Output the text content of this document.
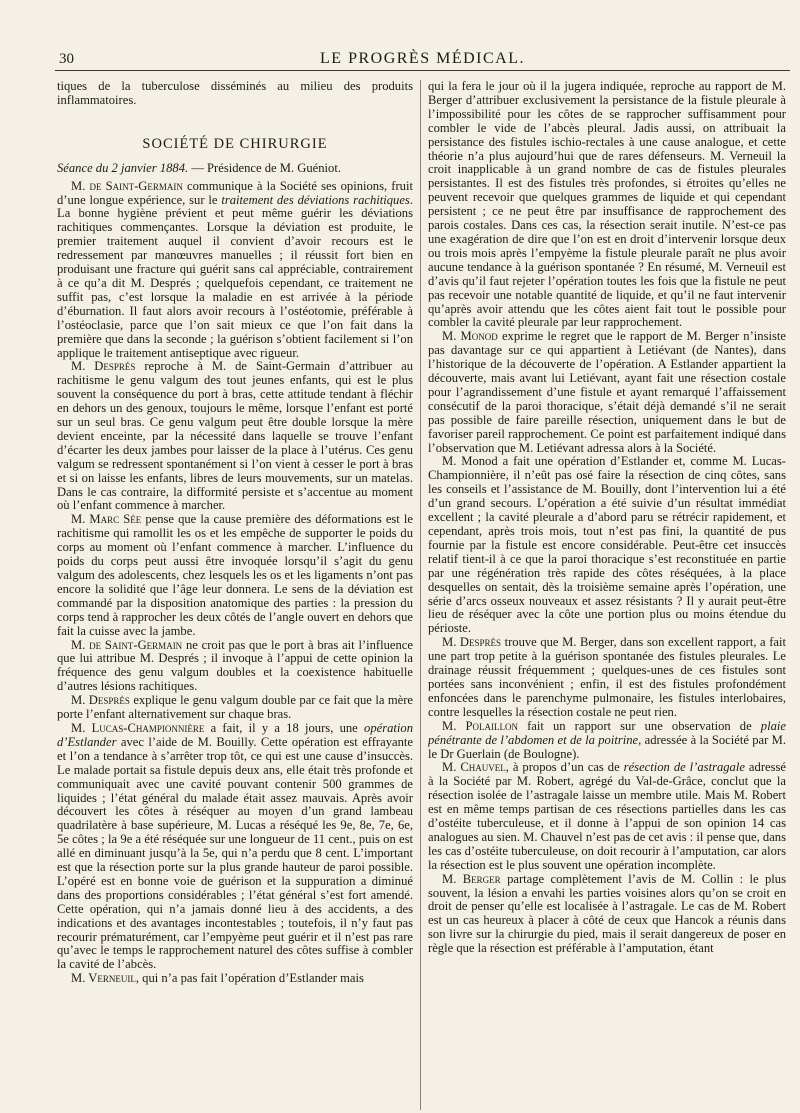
30	LE PROGRÈS MÉDICAL.

tiques de la tuberculose disséminés au milieu des produits inflammatoires.

SOCIÉTÉ DE CHIRURGIE

Séance du 2 janvier 1884. — Présidence de M. Guéniot.

M. de Saint-Germain communique à la Société ses opinions, fruit d’une longue expérience, sur le traitement des déviations rachitiques. La bonne hygiène prévient et peut même guérir les déviations rachitiques commençantes. Lorsque la déviation est produite, le premier traitement auquel il convient d’avoir recours est le redressement par manœuvres manuelles ; il réussit fort bien en produisant une fracture qui guérit sans cal appréciable, contrairement à ce qu’a dit M. Després ; quelquefois cependant, ce traitement ne suffit pas, c’est lorsque la maladie en est arrivée à la période d’éburnation. Il faut alors avoir recours à l’ostéotomie, préférable à l’ostéoclasie, parce que l’on sait mieux ce que l’on fait dans la première que dans la seconde ; la guérison s’obtient facilement si l’on applique le traitement antiseptique avec rigueur.

M. Després reproche à M. de Saint-Germain d’attribuer au rachitisme le genu valgum des tout jeunes enfants, qui est le plus souvent la conséquence du port à bras, cette attitude tendant à fléchir en dehors un des genoux, toujours le même, lorsque l’enfant est porté sur un seul bras. Ce genu valgum peut être double lorsque la mère devient enceinte, par la nécessité dans laquelle se trouve l’enfant d’écarter les deux jambes pour laisser de la place à l’utérus. Ces genu valgum se redressent spontanément si l’on vient à cesser le port à bras et si on laisse les enfants, libres de leurs mouvements, sur un matelas. Dans le cas contraire, la difformité persiste et s’accentue au moment où l’enfant commence à marcher.

M. Marc Sée pense que la cause première des déformations est le rachitisme qui ramollit les os et les empêche de supporter le poids du corps au moment où l’enfant commence à marcher. L’influence du poids du corps peut aussi être invoquée lorsqu’il s’agit du genu valgum des adolescents, chez lesquels les os et les ligaments n’ont pas encore la solidité que l’âge leur donnera. Le sens de la déviation est commandé par la disposition anatomique des parties : la pression du corps tend à rapprocher les deux côtés de l’angle ouvert en dehors que fait la cuisse avec la jambe.

M. de Saint-Germain ne croit pas que le port à bras ait l’influence que lui attribue M. Després ; il invoque à l’appui de cette opinion la fréquence des genu valgum doubles et la coexistence habituelle d’autres lésions rachitiques.

M. Després explique le genu valgum double par ce fait que la mère porte l’enfant alternativement sur chaque bras.

M. Lucas-Championnière a fait, il y a 18 jours, une opération d’Estlander avec l’aide de M. Bouilly. Cette opération est effrayante et l’on a tendance à s’arrêter trop tôt, ce qui est une cause d’insuccès. Le malade portait sa fistule depuis deux ans, elle était très profonde et communiquait avec une cavité pouvant contenir 500 grammes de liquides ; l’état général du malade était assez mauvais. Après avoir découvert les côtes à réséquer au moyen d’un grand lambeau quadrilatère à base supérieure, M. Lucas a réséqué les 9e, 8e, 7e, 6e, 5e côtes ; la 9e a été réséquée sur une longueur de 11 cent., puis on est allé en diminuant jusqu’à la 5e, qui n’a perdu que 8 cent. L’important est que la résection porte sur la plus grande hauteur de paroi possible. L’opéré est en bonne voie de guérison et la suppuration a diminué dans des proportions considérables ; l’état général s’est fort amendé. Cette opération, qui n’a jamais donné lieu à des accidents, a des indications et des avantages incontestables ; toutefois, il n’y faut pas recourir prématurément, car l’empyème peut guérir et il n’est pas rare qu’avec le temps le rapprochement naturel des côtes suffise à combler la cavité de l’abcès.

M. Verneuil, qui n’a pas fait l’opération d’Estlander mais

qui la fera le jour où il la jugera indiquée, reproche au rapport de M. Berger d’attribuer exclusivement la persistance de la fistule pleurale à l’impossibilité pour les côtes de se rapprocher suffisamment pour combler le vide de l’abcès pleural. Jadis aussi, on attribuait la persistance des fistules ischio-rectales à une cause analogue, et cette théorie n’a plus aujourd’hui que de rares défenseurs. M. Verneuil la croit inapplicable à un grand nombre de cas de fistules pleurales persistantes. Il est des fistules très profondes, si étroites qu’elles ne peuvent recevoir que quelques grammes de liquide et qui cependant persistent ; ce ne peut être par insuffisance de rapprochement des parois costales. Dans ces cas, la résection serait inutile. N’est-ce pas une exagération de dire que l’on est en droit d’intervenir lorsque deux ou trois mois après l’empyème la fistule pleurale paraît ne plus avoir aucune tendance à la guérison spontanée ? En résumé, M. Verneuil est d’avis qu’il faut rejeter l’opération toutes les fois que la fistule ne peut pas recevoir une notable quantité de liquide, et qu’il ne faut intervenir qu’après avoir attendu que les côtes aient fait tout le possible pour combler la cavité pleurale par leur rapprochement.

M. Monod exprime le regret que le rapport de M. Berger n’insiste pas davantage sur ce qui appartient à Letiévant (de Nantes), dans l’historique de la découverte de l’opération. A Estlander appartient la découverte, mais avant lui Letiévant, ayant fait une résection costale pour l’agrandissement d’une fistule et ayant remarqué l’affaissement consécutif de la paroi thoracique, s’était déjà demandé s’il ne serait pas possible de faire pareille résection, uniquement dans le but de favoriser pareil rapprochement. Ce point est parfaitement indiqué dans l’observation que M. Letiévant adressa alors à la Société.

M. Monod a fait une opération d’Estlander et, comme M. Lucas-Championnière, il n’eût pas osé faire la résection de cinq côtes, sans les conseils et l’assistance de M. Bouilly, dont l’intervention lui a été d’un grand secours. L’opération a été suivie d’un résultat immédiat excellent ; la cavité pleurale a d’abord paru se rétrécir rapidement, et cependant, après trois mois, tout n’est pas fini, la quantité de pus fournie par la fistule est encore considérable. Peut-être cet insuccès relatif tient-il à ce que la paroi thoracique s’est reconstituée en partie par une régénération très rapide des côtes réséquées, à la place desquelles on sentait, dès la troisième semaine après l’opération, une série d’arcs osseux nouveaux et assez résistants ? Il y aurait peut-être lieu de réséquer avec la côte une portion plus ou moins étendue du périoste.

M. Després trouve que M. Berger, dans son excellent rapport, a fait une part trop petite à la guérison spontanée des fistules pleurales. Le drainage réussit fréquemment ; quelques-unes de ces fistules sont portées sans inconvénient ; enfin, il est des fistules profondément enfoncées dans le parenchyme pulmonaire, les fistules interlobaires, contre lesquelles la résection costale ne peut rien.

M. Polaillon fait un rapport sur une observation de plaie pénétrante de l’abdomen et de la poitrine, adressée à la Société par M. le Dr Guerlain (de Boulogne).

M. Chauvel, à propos d’un cas de résection de l’astragale adressé à la Société par M. Robert, agrégé du Val-de-Grâce, conclut que la résection isolée de l’astragale laisse un membre utile. Mais M. Robert est en même temps partisan de ces résections partielles dans les cas d’ostéite tuberculeuse, et il donne à l’appui de son opinion 14 cas analogues au sien. M. Chauvel n’est pas de cet avis : il pense que, dans les cas d’ostéite tuberculeuse, on doit recourir à l’amputation, car alors la résection est le plus souvent une opération incomplète.

M. Berger partage complètement l’avis de M. Collin : le plus souvent, la lésion a envahi les parties voisines alors qu’on se croit en droit de penser qu’elle est localisée à l’astragale. Le cas de M. Robert est un cas heureux à placer à côté de ceux que Hancok a réunis dans son livre sur la chirurgie du pied, mais il serait dangereux de poser en règle que la résection est préférable à l’amputation, étant
